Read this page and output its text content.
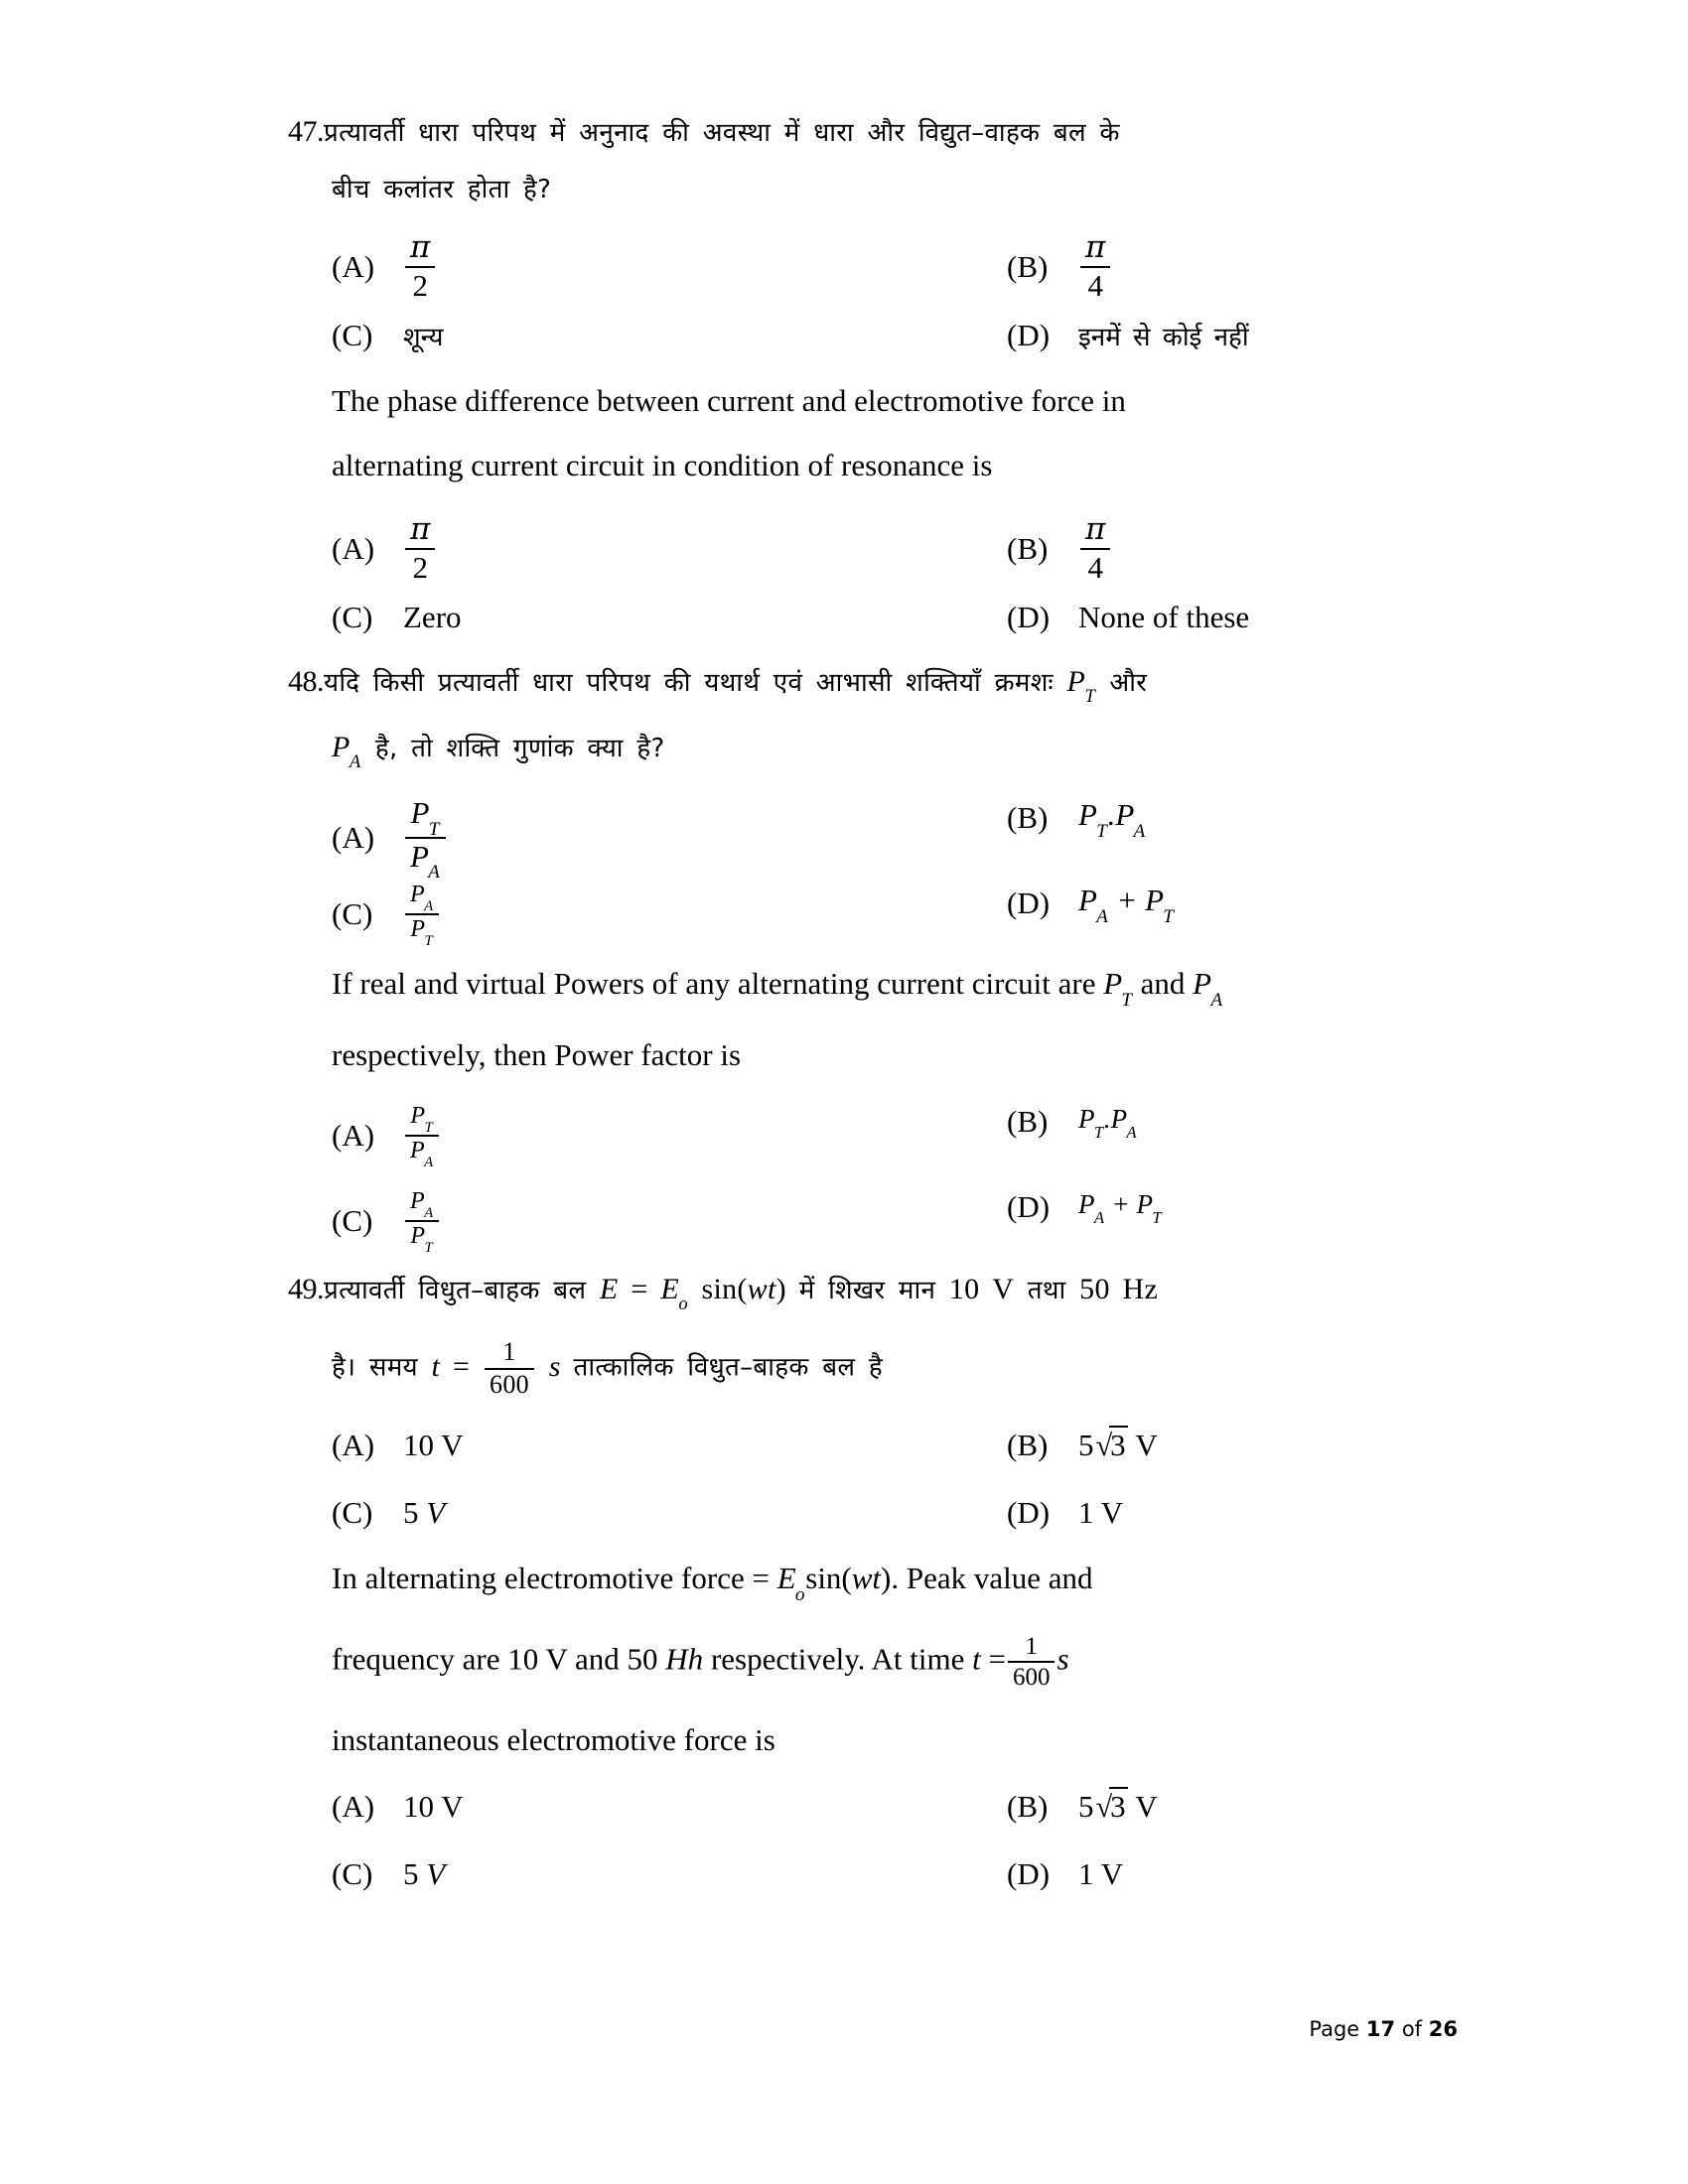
47. प्रत्यावर्ती धारा परिपथ में अनुनाद की अवस्था में धारा और विद्युत–वाहक बल के
बीच कलांतर होता है?
$(A) \frac{\pi}{2}$	(B)	$\frac{\pi}{4}$
(C)	शून्य	(D)	इनमें से कोई नहीं
The phase difference between current and electromotive force in
alternating current circuit in condition of resonance is
$(A) \frac{\pi}{2}$	(B)	$\frac{\pi}{4}$
(C) Zero	(D) None of these
48. यदि किसी प्रत्यावर्ती धारा परिपथ की यथार्थ एवं आभासी शक्तियाँ क्रमशः $P_T$ और
$P_A$ है, तो शक्ति गुणांक क्या है?
$(A) \frac{P_T}{P_A}$	(B) $P_T.P_A$
(C)	$\frac{P_A}{P_T}$	(D) $P_A + P_T$
If real and virtual Powers of any alternating current circuit are $P_T$ and $P_A$
respectively, then Power factor is
(A)	$\frac{P_T}{P_A}$	(B)	$P_T.P_A$
(C)	$\frac{P_A}{P_T}$	(D)	$P_A + P_T$
49. प्रत्यावर्ती विधुत–बाहक बल $E = E_o$ sin(wt) में शिखर मान 10 V तथा 50 Hz
है। समय $t = \frac{1}{600}$ s तात्कालिक विधुत–बाहक बल है
(A) 10 V	(B) 5√3 V
(C) 5 V	(D) 1 V
In alternating electromotive force = $E_o\sin(wt)$. Peak value and
frequency are 10 V and 50 Hh respectively. At time $t = \frac{1}{600}$ s
instantaneous electromotive force is
(A) 10 V	(B) 5√3 V
(C) 5 V	(D) 1 V
Page 17 of 26
